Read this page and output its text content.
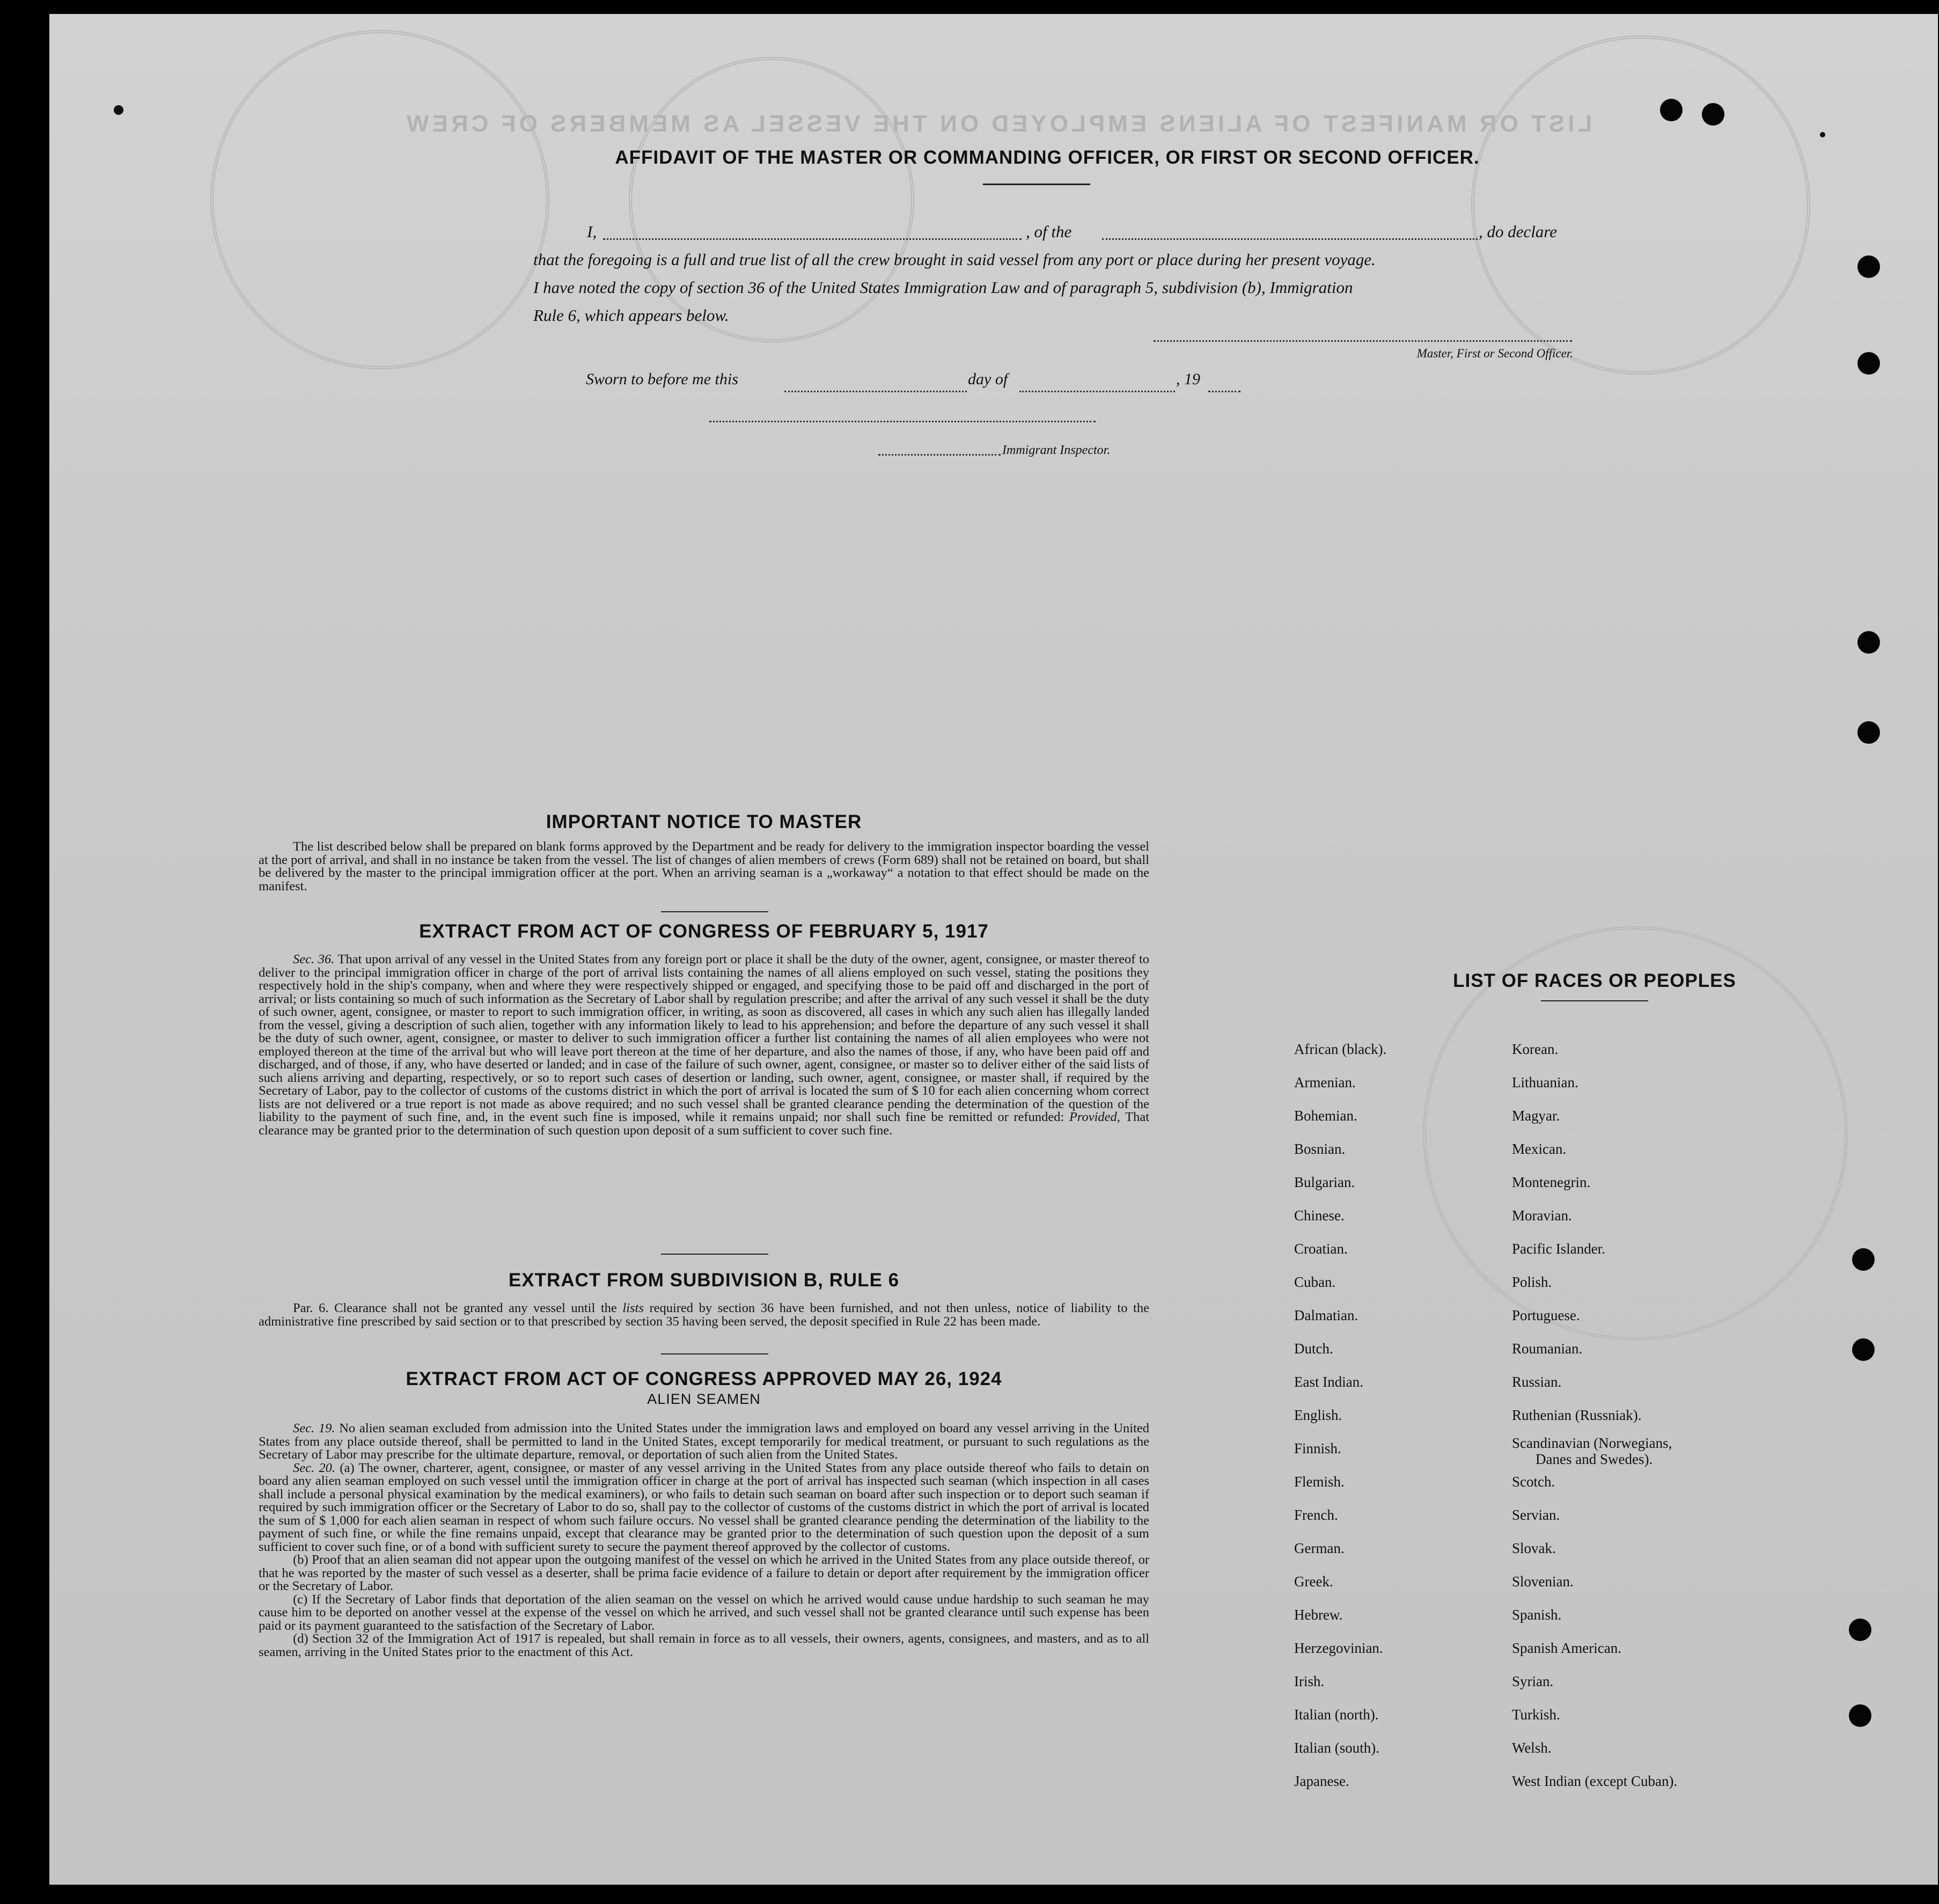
LIST OR MANIFEST OF ALIENS EMPLOYED ON THE VESSEL AS MEMBERS OF CREW
AFFIDAVIT OF THE MASTER OR COMMANDING OFFICER, OR FIRST OR SECOND OFFICER.
I,	, of the	, do declare
that the foregoing is a full and true list of all the crew brought in said vessel from any port or place during her present voyage.
I have noted the copy of section 36 of the United States Immigration Law and of paragraph 5, subdivision (b), Immigration
Rule 6, which appears below.
Master, First or Second Officer.
Sworn to before me this	day of	, 19
Immigrant Inspector.
IMPORTANT NOTICE TO MASTER

The list described below shall be prepared on blank forms approved by the Department and be ready for delivery to the immigration inspector boarding the vessel at the port of arrival, and shall in no instance be taken from the vessel. The list of changes of alien members of crews (Form 689) shall not be retained on board, but shall be delivered by the master to the principal immigration officer at the port. When an arriving seaman is a „workaway“ a notation to that effect should be made on the manifest.

EXTRACT FROM ACT OF CONGRESS OF FEBRUARY 5, 1917

Sec. 36. That upon arrival of any vessel in the United States from any foreign port or place it shall be the duty of the owner, agent, consignee, or master thereof to deliver to the principal immigration officer in charge of the port of arrival lists containing the names of all aliens employed on such vessel, stating the positions they respectively hold in the ship's company, when and where they were respectively shipped or engaged, and specifying those to be paid off and discharged in the port of arrival; or lists containing so much of such information as the Secretary of Labor shall by regulation prescribe; and after the arrival of any such vessel it shall be the duty of such owner, agent, consignee, or master to report to such immigration officer, in writing, as soon as discovered, all cases in which any such alien has illegally landed from the vessel, giving a description of such alien, together with any information likely to lead to his apprehension; and before the departure of any such vessel it shall be the duty of such owner, agent, consignee, or master to deliver to such immigration officer a further list containing the names of all alien employees who were not employed thereon at the time of the arrival but who will leave port thereon at the time of her departure, and also the names of those, if any, who have been paid off and discharged, and of those, if any, who have deserted or landed; and in case of the failure of such owner, agent, consignee, or master so to deliver either of the said lists of such aliens arriving and departing, respectively, or so to report such cases of desertion or landing, such owner, agent, consignee, or master shall, if required by the Secretary of Labor, pay to the collector of customs of the customs district in which the port of arrival is located the sum of $ 10 for each alien concerning whom correct lists are not delivered or a true report is not made as above required; and no such vessel shall be granted clearance pending the determination of the question of the liability to the payment of such fine, and, in the event such fine is imposed, while it remains unpaid; nor shall such fine be remitted or refunded: Provided, That clearance may be granted prior to the determination of such question upon deposit of a sum sufficient to cover such fine.

EXTRACT FROM SUBDIVISION B, RULE 6

Par. 6. Clearance shall not be granted any vessel until the lists required by section 36 have been furnished, and not then unless, notice of liability to the administrative fine prescribed by said section or to that prescribed by section 35 having been served, the deposit specified in Rule 22 has been made.

EXTRACT FROM ACT OF CONGRESS APPROVED MAY 26, 1924
ALIEN SEAMEN

Sec. 19. No alien seaman excluded from admission into the United States under the immigration laws and employed on board any vessel arriving in the United States from any place outside thereof, shall be permitted to land in the United States, except temporarily for medical treatment, or pursuant to such regulations as the Secretary of Labor may prescribe for the ultimate departure, removal, or deportation of such alien from the United States.

Sec. 20. (a) The owner, charterer, agent, consignee, or master of any vessel arriving in the United States from any place outside thereof who fails to detain on board any alien seaman employed on such vessel until the immigration officer in charge at the port of arrival has inspected such seaman (which inspection in all cases shall include a personal physical examination by the medical examiners), or who fails to detain such seaman on board after such inspection or to deport such seaman if required by such immigration officer or the Secretary of Labor to do so, shall pay to the collector of customs of the customs district in which the port of arrival is located the sum of $ 1,000 for each alien seaman in respect of whom such failure occurs. No vessel shall be granted clearance pending the determination of the liability to the payment of such fine, or while the fine remains unpaid, except that clearance may be granted prior to the determination of such question upon the deposit of a sum sufficient to cover such fine, or of a bond with sufficient surety to secure the payment thereof approved by the collector of customs.

(b) Proof that an alien seaman did not appear upon the outgoing manifest of the vessel on which he arrived in the United States from any place outside thereof, or that he was reported by the master of such vessel as a deserter, shall be prima facie evidence of a failure to detain or deport after requirement by the immigration officer or the Secretary of Labor.

(c) If the Secretary of Labor finds that deportation of the alien seaman on the vessel on which he arrived would cause undue hardship to such seaman he may cause him to be deported on another vessel at the expense of the vessel on which he arrived, and such vessel shall not be granted clearance until such expense has been paid or its payment guaranteed to the satisfaction of the Secretary of Labor.

(d) Section 32 of the Immigration Act of 1917 is repealed, but shall remain in force as to all vessels, their owners, agents, consignees, and masters, and as to all seamen, arriving in the United States prior to the enactment of this Act.

LIST OF RACES OR PEOPLES
African (black).
Armenian.
Bohemian.
Bosnian.
Bulgarian.
Chinese.
Croatian.
Cuban.
Dalmatian.
Dutch.
East Indian.
English.
Finnish.
Flemish.
French.
German.
Greek.
Hebrew.
Herzegovinian.
Irish.
Italian (north).
Italian (south).
Japanese.
Korean.
Lithuanian.
Magyar.
Mexican.
Montenegrin.
Moravian.
Pacific Islander.
Polish.
Portuguese.
Roumanian.
Russian.
Ruthenian (Russniak).
Scandinavian (Norwegians,
Danes and Swedes).
Scotch.
Servian.
Slovak.
Slovenian.
Spanish.
Spanish American.
Syrian.
Turkish.
Welsh.
West Indian (except Cuban).
